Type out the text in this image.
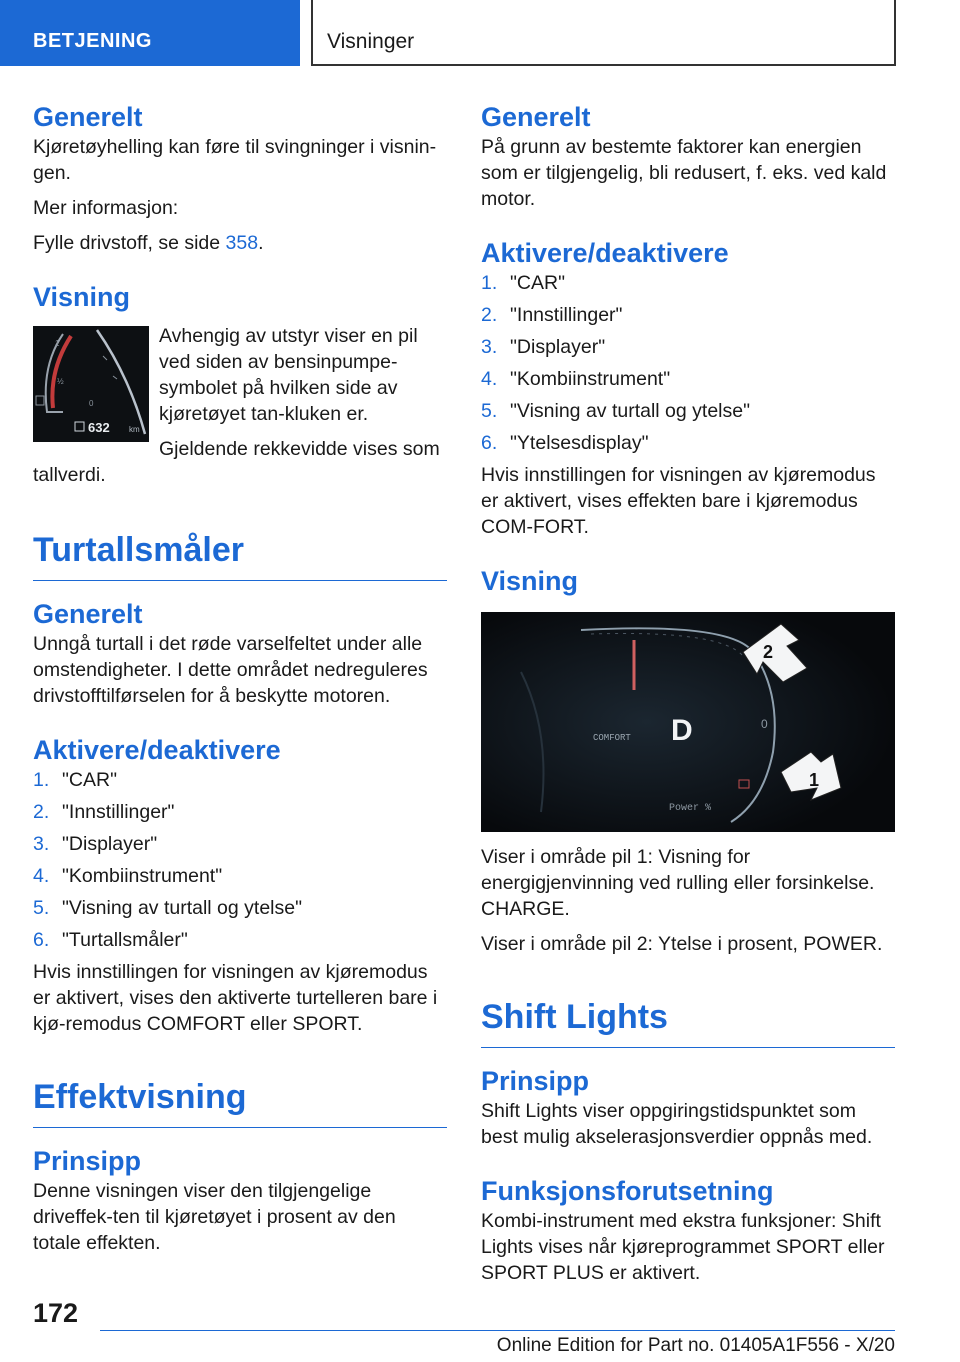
BETJENING	Visninger
Generelt
Kjøretøyhelling kan føre til svingninger i visnin-gen.
Mer informasjon:
Fylle drivstoff, se side 358.
Visning
1
½
0
632 km
Avhengig av utstyr viser en pil ved siden av bensinpumpe-symbolet på hvilken side av kjøretøyet tan-kluken er.
Gjeldende rekkevidde vises som tallverdi.
Turtallsmåler
Generelt
Unngå turtall i det røde varselfeltet under alle omstendigheter. I dette området nedreguleres drivstofftilførselen for å beskytte motoren.
Aktivere/deaktivere
1. "CAR"
2. "Innstillinger"
3. "Displayer"
4. "Kombiinstrument"
5. "Visning av turtall og ytelse"
6. "Turtallsmåler"
Hvis innstillingen for visningen av kjøremodus er aktivert, vises den aktiverte turtelleren bare i kjø-remodus COMFORT eller SPORT.
Effektvisning
Prinsipp
Denne visningen viser den tilgjengelige driveffek-ten til kjøretøyet i prosent av den totale effekten.
Generelt
På grunn av bestemte faktorer kan energien som er tilgjengelig, bli redusert, f. eks. ved kald motor.
Aktivere/deaktivere
1. "CAR"
2. "Innstillinger"
3. "Displayer"
4. "Kombiinstrument"
5. "Visning av turtall og ytelse"
6. "Ytelsesdisplay"
Hvis innstillingen for visningen av kjøremodus er aktivert, vises effekten bare i kjøremodus COM-FORT.
Visning
D
COMFORT
Power %
0
2
1
Viser i område pil 1: Visning for energigjenvinning ved rulling eller forsinkelse. CHARGE.
Viser i område pil 2: Ytelse i prosent, POWER.
Shift Lights
Prinsipp
Shift Lights viser oppgiringstidspunktet som best mulig akselerasjonsverdier oppnås med.
Funksjonsforutsetning
Kombi-instrument med ekstra funksjoner: Shift Lights vises når kjøreprogrammet SPORT eller SPORT PLUS er aktivert.
172
Online Edition for Part no. 01405A1F556 - X/20
